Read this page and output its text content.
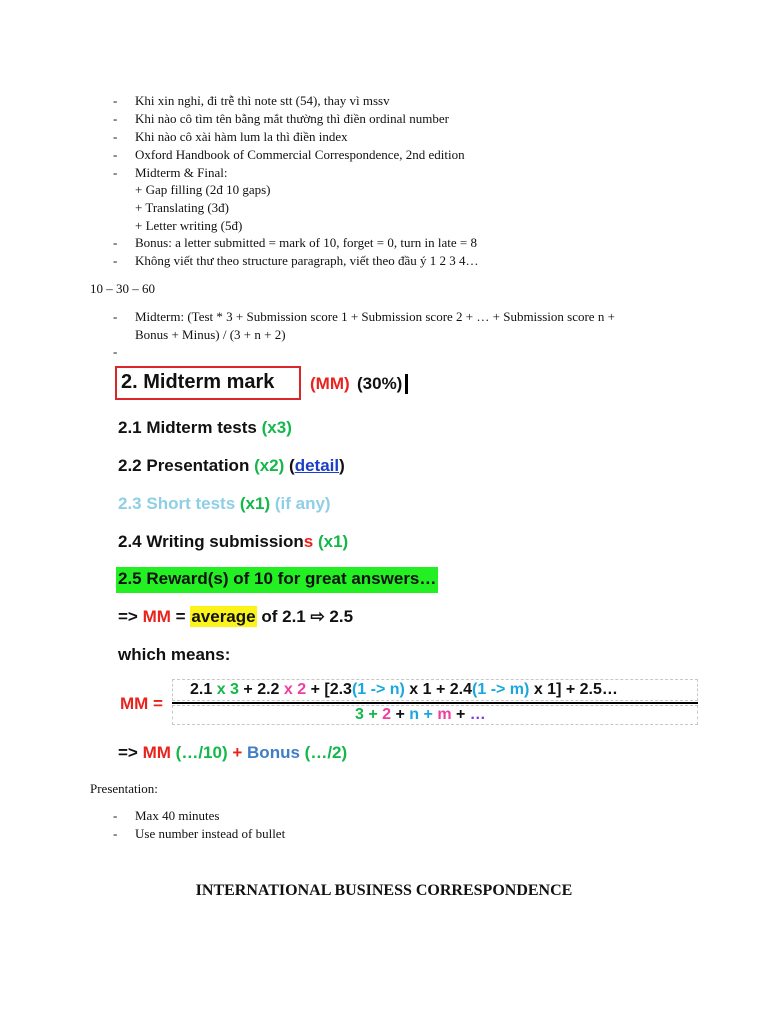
- Khi xin nghỉ, đi trễ thì note stt (54), thay vì mssv
- Khi nào cô tìm tên bằng mắt thường thì điền ordinal number
- Khi nào cô xài hàm lum la thì điền index
- Oxford Handbook of Commercial Correspondence, 2nd edition
- Midterm & Final:
+ Gap filling (2đ 10 gaps)
+ Translating (3đ)
+ Letter writing (5đ)
- Bonus: a letter submitted = mark of 10, forget = 0, turn in late = 8
- Không viết thư theo structure paragraph, viết theo đầu ý 1 2 3 4…
10 – 30 – 60
- Midterm: (Test * 3 + Submission score 1 + Submission score 2 + … + Submission score n +
Bonus + Minus) / (3 + n + 2)
-
2. Midterm mark (MM) (30%)
2.1 Midterm tests (x3)
2.2 Presentation (x2) (detail)
2.3 Short tests (x1) (if any)
2.4 Writing submissions (x1)
2.5 Reward(s) of 10 for great answers…
=> MM = average of 2.1 ⇨ 2.5
which means:
MM =
2.1 x 3 + 2.2 x 2 + [2.3(1 -> n) x 1 + 2.4(1 -> m) x 1] + 2.5…
3 + 2 + n + m + …
=> MM (…/10) + Bonus (…/2)
Presentation:
- Max 40 minutes
- Use number instead of bullet
INTERNATIONAL BUSINESS CORRESPONDENCE
